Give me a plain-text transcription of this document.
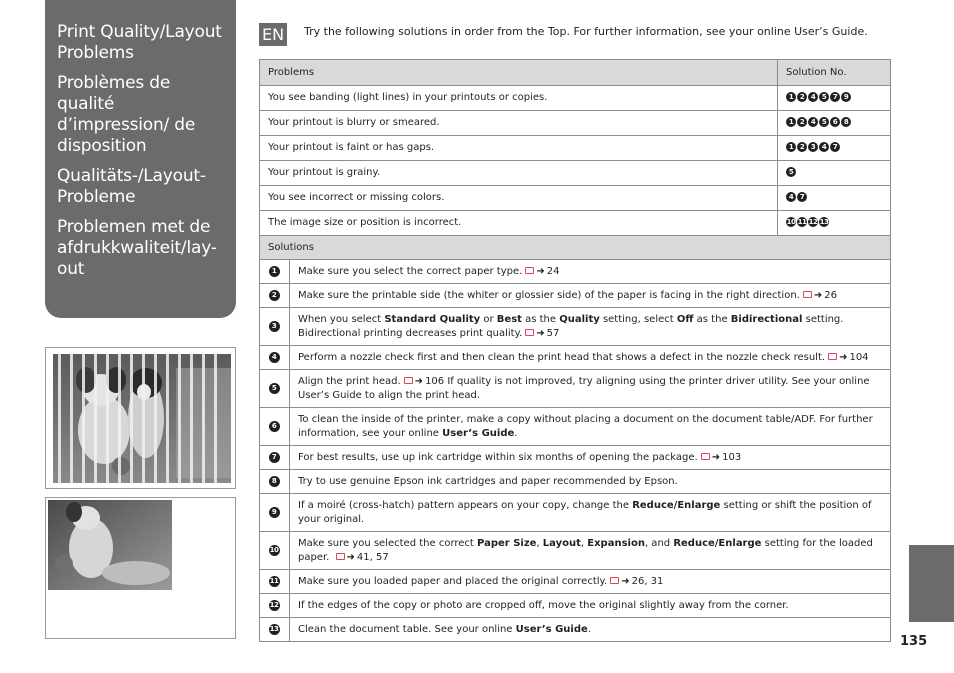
Print Quality/Layout Problems
Problèmes de qualité d’impression/ de disposition
Qualitäts-/Layout-Probleme
Problemen met de afdrukkwaliteit/lay-out
EN Try the following solutions in order from the Top. For further information, see your online User’s Guide.
Problems	Solution No.
You see banding (light lines) in your printouts or copies.	1 2 4 5 7 9
Your printout is blurry or smeared.	1 2 4 5 6 8
Your printout is faint or has gaps.	1 2 3 4 7
Your printout is grainy.	5
You see incorrect or missing colors.	4 7
The image size or position is incorrect.	10 11 12 13
Solutions	

1 Make sure you select the correct paper type. ➜ 24	

2 Make sure the printable side (the whiter or glossier side) of the paper is facing in the right direction. ➜ 26	

3
When you select Standard Quality or Best as the Quality setting, select Off as the Bidirectional setting. Bidirectional printing decreases print quality. ➜ 57	

4 Perform a nozzle check first and then clean the print head that shows a defect in the nozzle check result. ➜ 104	

5
Align the print head. ➜ 106 If quality is not improved, try aligning using the printer driver utility. See your online User’s Guide to align the print head.	

6
To clean the inside of the printer, make a copy without placing a document on the document table/ADF. For further information, see your online User’s Guide.	

7 For best results, use up ink cartridge within six months of opening the package. ➜ 103	

8 Try to use genuine Epson ink cartridges and paper recommended by Epson.	

9
If a moiré (cross-hatch) pattern appears on your copy, change the Reduce/Enlarge setting or shift the position of your original.	

10
Make sure you selected the correct Paper Size, Layout, Expansion, and Reduce/Enlarge setting for the loaded paper. ➜ 41, 57	

11 Make sure you loaded paper and placed the original correctly. ➜ 26, 31	

12 If the edges of the copy or photo are cropped off, move the original slightly away from the corner.	

13 Clean the document table. See your online User’s Guide.	
135
